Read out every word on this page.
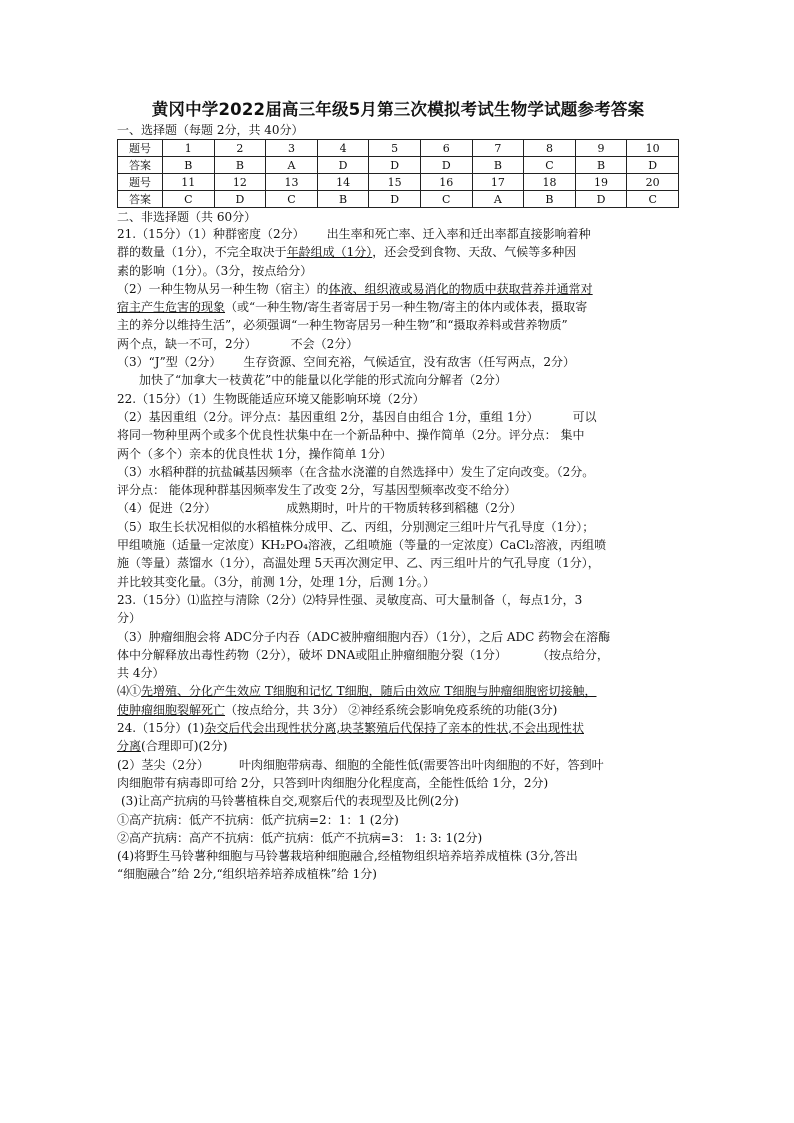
黄冈中学2022届高三年级5月第三次模拟考试生物学试题参考答案
一、选择题（每题 2分，共 40分）
题号	1	2	3	4	5	6	7	8	9	10
答案	B	B	A	D	D	D	B	C	B	D
题号	11	12	13	14	15	16	17	18	19	20
答案	C	D	C	B	D	C	A	B	D	C
二、非选择题（共 60分）

21.（15分）（1）种群密度（2分） 出生率和死亡率、迁入率和迁出率都直接影响着种

群的数量（1分），不完全取决于年龄组成（1分），还会受到食物、天敌、气候等多种因

素的影响（1分）。（3分，按点给分）

（2）一种生物从另一种生物（宿主）的体液、组织液或易消化的物质中获取营养并通常对

宿主产生危害的现象（或“一种生物/寄生者寄居于另一种生物/寄主的体内或体表，摄取寄

主的养分以维持生活”，必须强调“一种生物寄居另一种生物”和“摄取养料或营养物质”

两个点，缺一不可，2分）	不会（2分）

（3）“J”型（2分） 生存资源、空间充裕，气候适宜，没有敌害（任写两点，2分）

加快了“加拿大一枝黄花”中的能量以化学能的形式流向分解者（2分）

22.（15分）（1）生物既能适应环境又能影响环境（2分）

（2）基因重组（2分。评分点：基因重组 2分，基因自由组合 1分，重组 1分）	可以

将同一物种里两个或多个优良性状集中在一个新品种中、操作简单（2分。评分点： 集中

两个（多个）亲本的优良性状 1分，操作简单 1分）

（3）水稻种群的抗盐碱基因频率（在含盐水浇灌的自然选择中）发生了定向改变。（2分。

评分点： 能体现种群基因频率发生了改变 2分，写基因型频率改变不给分）

（4）促进（2分）	成熟期时，叶片的干物质转移到稻穗（2分）

（5）取生长状况相似的水稻植株分成甲、乙、丙组，分别测定三组叶片气孔导度（1分）；

甲组喷施（适量一定浓度）KH₂PO₄溶液，乙组喷施（等量的一定浓度）CaCl₂溶液，丙组喷

施（等量）蒸馏水（1分），高温处理 5天再次测定甲、乙、丙三组叶片的气孔导度（1分），

并比较其变化量。（3分，前测 1分，处理 1分，后测 1分。）

23.（15分）⑴监控与清除（2分）⑵特异性强、灵敏度高、可大量制备（，每点1分，3

分）

（3）肿瘤细胞会将 ADC分子内吞（ADC被肿瘤细胞内吞）（1分），之后 ADC 药物会在溶酶

体中分解释放出毒性药物（2分），破坏 DNA或阻止肿瘤细胞分裂（1分）	（按点给分，

共 4分）

⑷①先增殖、分化产生效应 T细胞和记忆 T细胞，随后由效应 T细胞与肿瘤细胞密切接触，

使肿瘤细胞裂解死亡（按点给分，共 3分） ②神经系统会影响免疫系统的功能(3分)

24.（15分）(1)杂交后代会出现性状分离,块茎繁殖后代保持了亲本的性状,不会出现性状

分离(合理即可)(2分)

(2）茎尖（2分）	叶肉细胞带病毒、细胞的全能性低(需要答出叶肉细胞的不好，答到叶

肉细胞带有病毒即可给 2分，只答到叶肉细胞分化程度高，全能性低给 1分，2分)

(3)让高产抗病的马铃薯植株自交,观察后代的表现型及比例(2分)

①高产抗病：低产不抗病：低产抗病=2：1：1 (2分)

②高产抗病：高产不抗病：低产抗病：低产不抗病=3： 1: 3: 1(2分)

(4)将野生马铃薯种细胞与马铃薯栽培种细胞融合,经植物组织培养培养成植株 (3分,答出

“细胞融合”给 2分,“组织培养培养成植株”给 1分)
